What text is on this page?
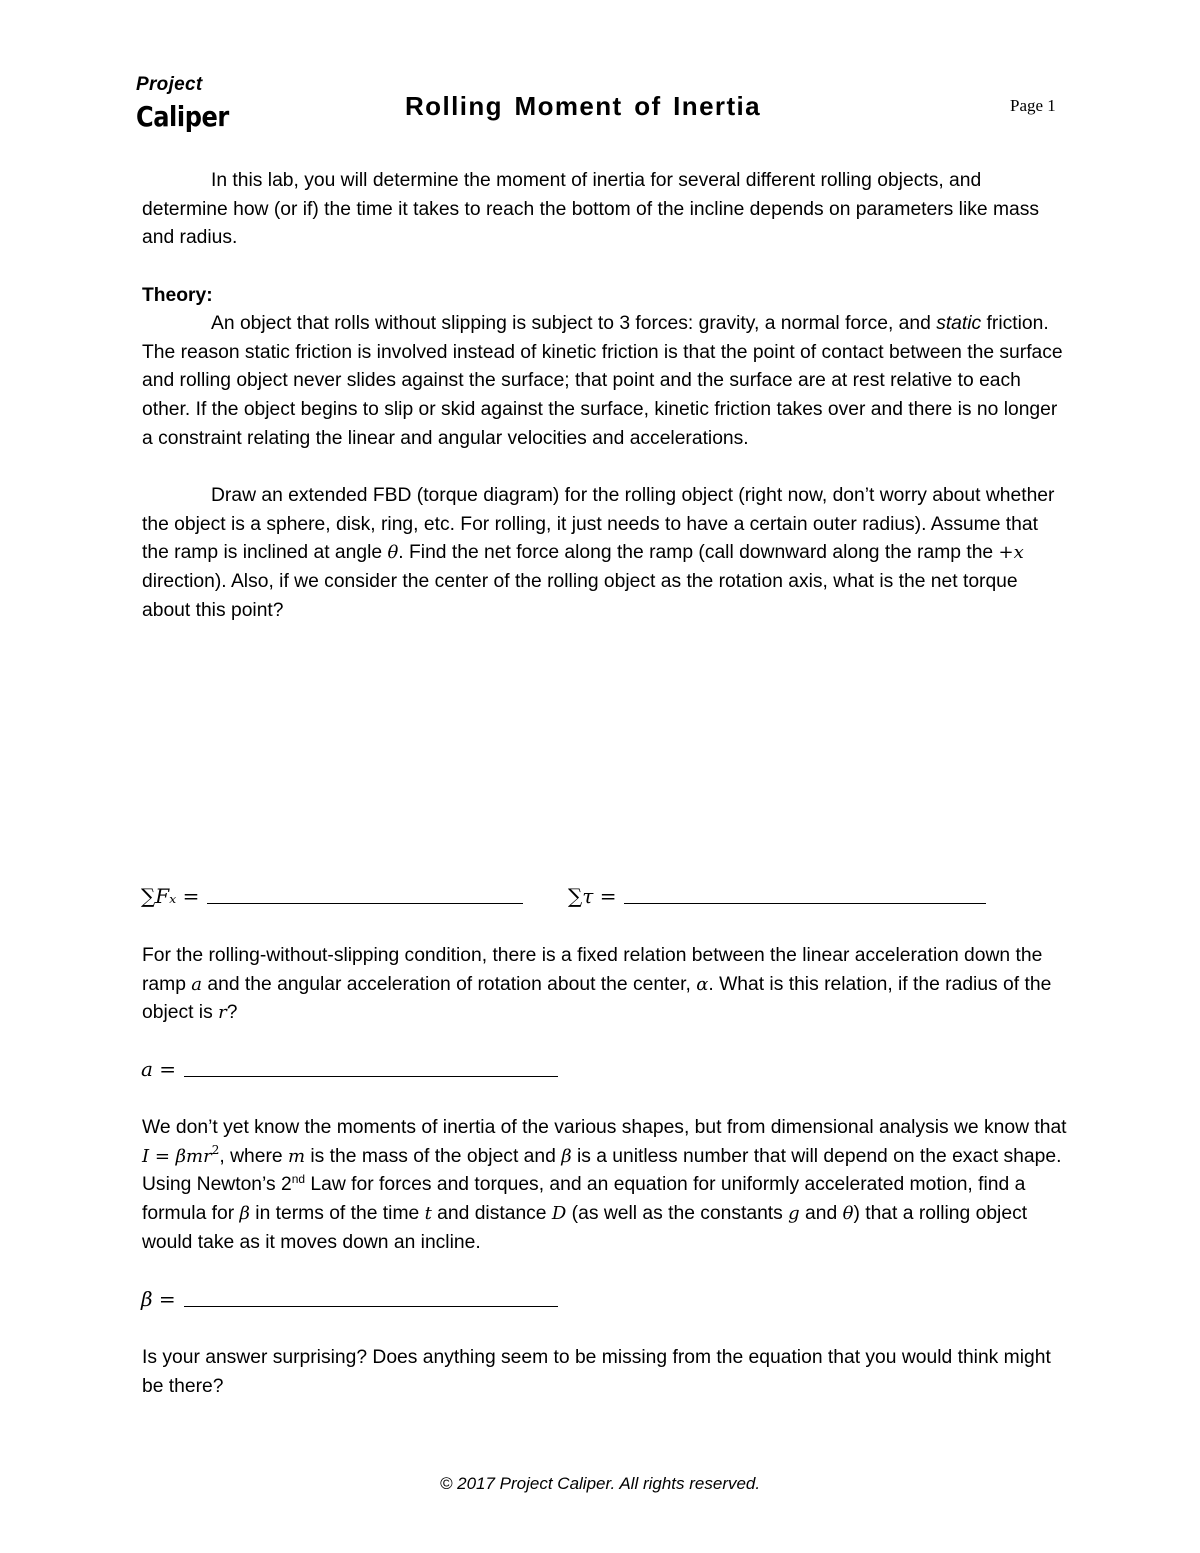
Project
Caliper	Rolling Moment of Inertia	Page 1
In this lab, you will determine the moment of inertia for several different rolling objects, and determine how (or if) the time it takes to reach the bottom of the incline depends on parameters like mass and radius.
Theory:
An object that rolls without slipping is subject to 3 forces: gravity, a normal force, and static friction. The reason static friction is involved instead of kinetic friction is that the point of contact between the surface and rolling object never slides against the surface; that point and the surface are at rest relative to each other. If the object begins to slip or skid against the surface, kinetic friction takes over and there is no longer a constraint relating the linear and angular velocities and accelerations.
Draw an extended FBD (torque diagram) for the rolling object (right now, don’t worry about whether the object is a sphere, disk, ring, etc. For rolling, it just needs to have a certain outer radius). Assume that the ramp is inclined at angle θ. Find the net force along the ramp (call downward along the ramp the +x direction). Also, if we consider the center of the rolling object as the rotation axis, what is the net torque about this point?
∑Fₓ =	∑τ =
For the rolling-without-slipping condition, there is a fixed relation between the linear acceleration down the ramp a and the angular acceleration of rotation about the center, α. What is this relation, if the radius of the object is r?
a =
We don’t yet know the moments of inertia of the various shapes, but from dimensional analysis we know that I = βmr$^2$, where m is the mass of the object and β is a unitless number that will depend on the exact shape. Using Newton’s 2nd Law for forces and torques, and an equation for uniformly accelerated motion, find a formula for β in terms of the time t and distance D (as well as the constants g and θ) that a rolling object would take as it moves down an incline.
β =
Is your answer surprising? Does anything seem to be missing from the equation that you would think might be there?
© 2017 Project Caliper. All rights reserved.
